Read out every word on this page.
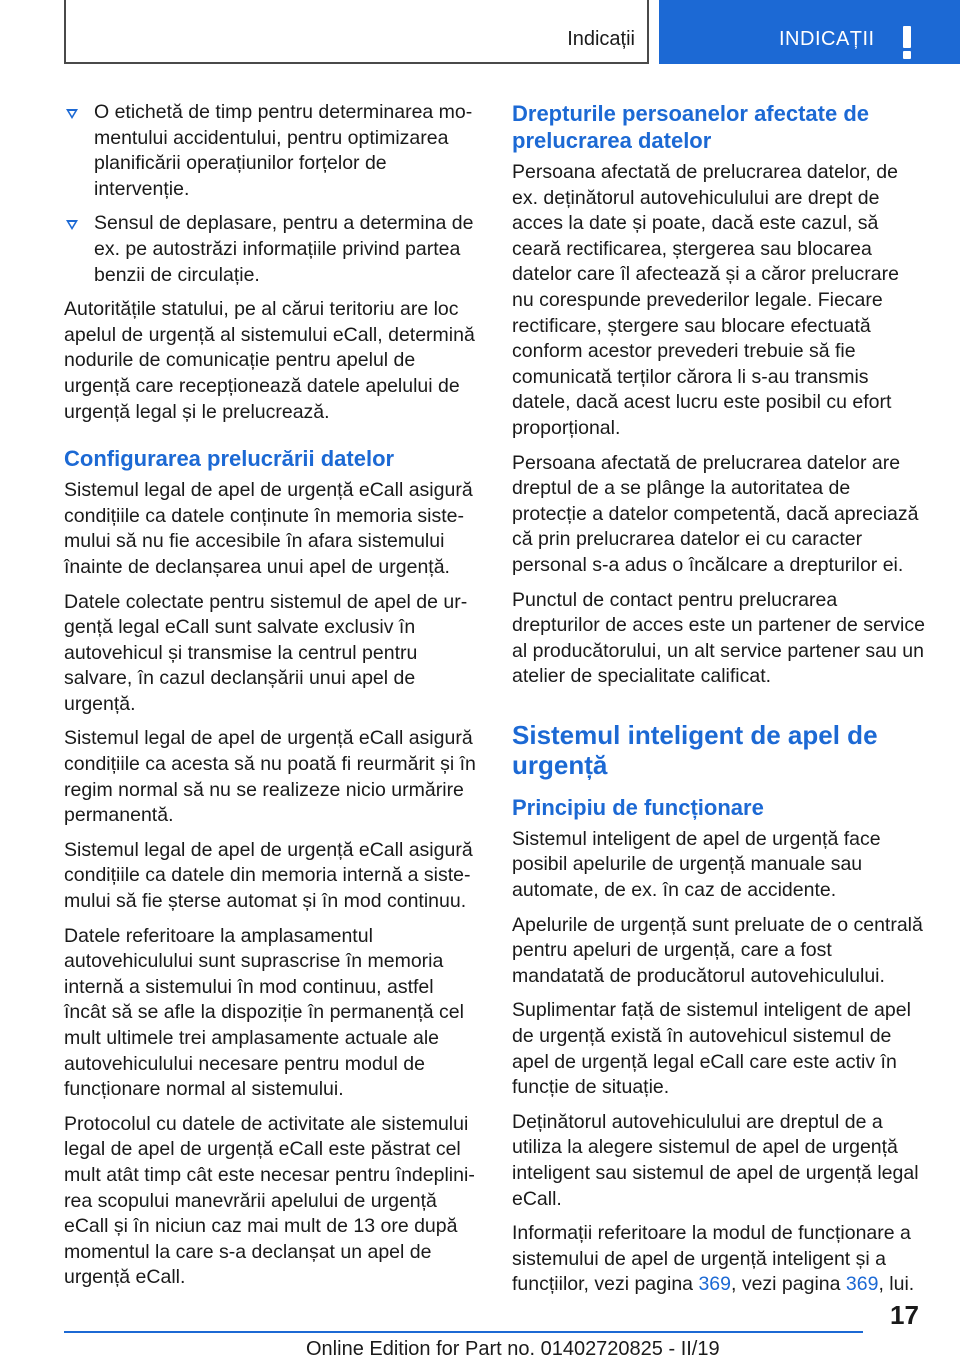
Indicații	INDICAȚII
O etichetă de timp pentru determinarea momentului accidentului, pentru optimizarea planificării operațiunilor forțelor de intervenție.
Sensul de deplasare, pentru a determina de ex. pe autostrăzi informațiile privind partea benzii de circulație.

Autoritățile statului, pe al cărui teritoriu are loc apelul de urgență al sistemului eCall, determină nodurile de comunicație pentru apelul de urgență care recepționează datele apelului de urgență legal și le prelucrează.

Configurarea prelucrării datelor

Sistemul legal de apel de urgență eCall asigură condițiile ca datele conținute în memoria sistemului să nu fie accesibile în afara sistemului înainte de declanșarea unui apel de urgență.

Datele colectate pentru sistemul de apel de urgență legal eCall sunt salvate exclusiv în autovehicul și transmise la centrul pentru salvare, în cazul declanșării unui apel de urgență.

Sistemul legal de apel de urgență eCall asigură condițiile ca acesta să nu poată fi reurmărit și în regim normal să nu se realizeze nicio urmărire permanentă.

Sistemul legal de apel de urgență eCall asigură condițiile ca datele din memoria internă a sistemului să fie șterse automat și în mod continuu.

Datele referitoare la amplasamentul autovehiculului sunt suprascrise în memoria internă a sistemului în mod continuu, astfel încât să se afle la dispoziție în permanență cel mult ultimele trei amplasamente actuale ale autovehiculului necesare pentru modul de funcționare normal al sistemului.

Protocolul cu datele de activitate ale sistemului legal de apel de urgență eCall este păstrat cel mult atât timp cât este necesar pentru îndeplinirea scopului manevrării apelului de urgență eCall și în niciun caz mai mult de 13 ore după momentul la care s-a declanșat un apel de urgență eCall.

Drepturile persoanelor afectate de prelucrarea datelor

Persoana afectată de prelucrarea datelor, de ex. deținătorul autovehiculului are drept de acces la date și poate, dacă este cazul, să ceară rectificarea, ștergerea sau blocarea datelor care îl afectează și a căror prelucrare nu corespunde prevederilor legale. Fiecare rectificare, ștergere sau blocare efectuată conform acestor prevederi trebuie să fie comunicată terților cărora li s-au transmis datele, dacă acest lucru este posibil cu efort proporțional.

Persoana afectată de prelucrarea datelor are dreptul de a se plânge la autoritatea de protecție a datelor competentă, dacă apreciază că prin prelucrarea datelor ei cu caracter personal s-a adus o încălcare a drepturilor ei.

Punctul de contact pentru prelucrarea drepturilor de acces este un partener de service al producătorului, un alt service partener sau un atelier de specialitate calificat.

Sistemul inteligent de apel de urgență
Principiu de funcționare

Sistemul inteligent de apel de urgență face posibil apelurile de urgență manuale sau automate, de ex. în caz de accidente.

Apelurile de urgență sunt preluate de o centrală pentru apeluri de urgență, care a fost mandatată de producătorul autovehiculului.

Suplimentar față de sistemul inteligent de apel de urgență există în autovehicul sistemul de apel de urgență legal eCall care este activ în funcție de situație.

Deținătorul autovehiculului are dreptul de a utiliza la alegere sistemul de apel de urgență inteligent sau sistemul de apel de urgență legal eCall.

Informații referitoare la modul de funcționare a sistemului de apel de urgență inteligent și a funcțiilor, vezi pagina 369, vezi pagina 369, lui.

17
Online Edition for Part no. 01402720825 - II/19
